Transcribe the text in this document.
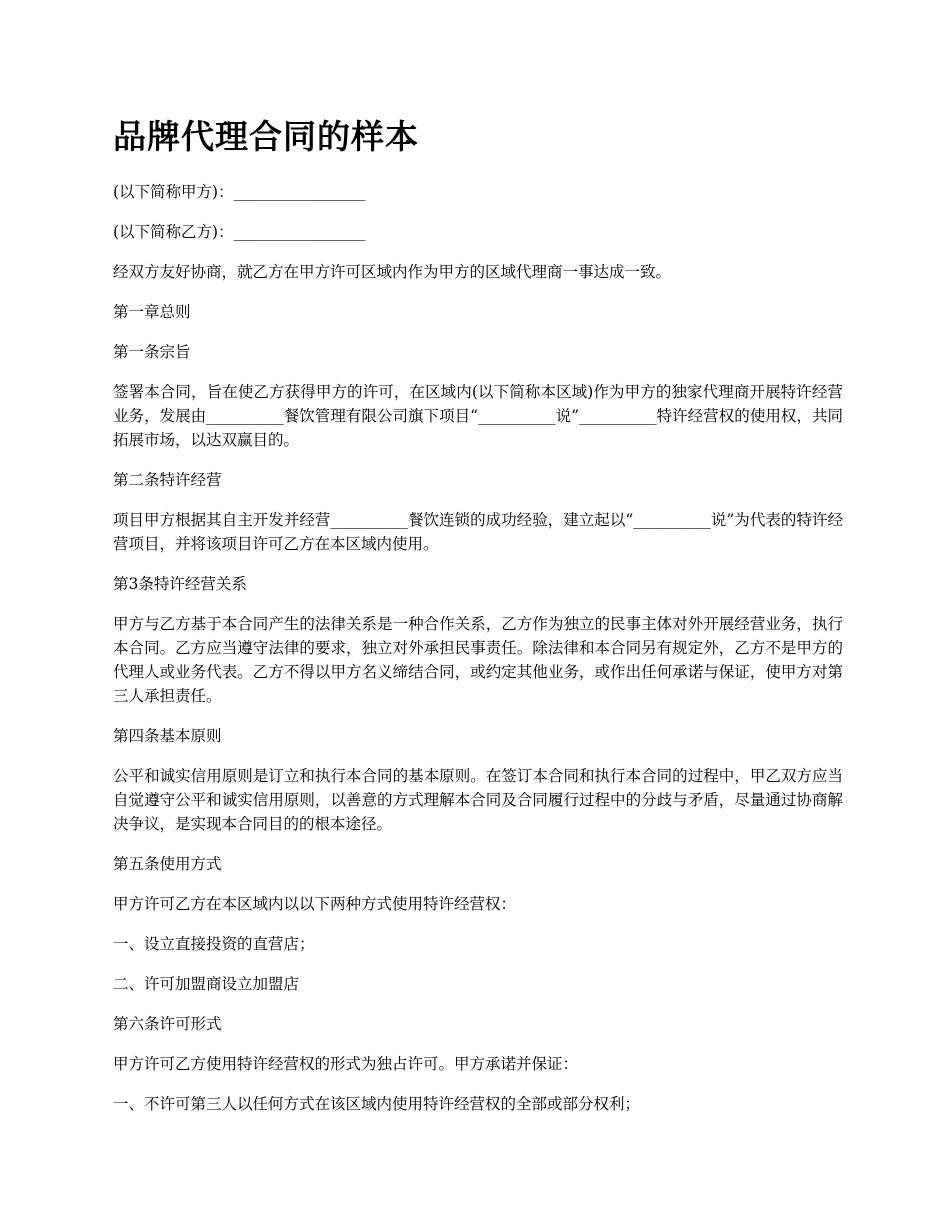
品牌代理合同的样本

(以下简称甲方)：_________________

(以下简称乙方)：_________________

经双方友好协商，就乙方在甲方许可区域内作为甲方的区域代理商一事达成一致。

第一章总则

第一条宗旨

签署本合同，旨在使乙方获得甲方的许可，在区域内(以下简称本区域)作为甲方的独家代理商开展特许经营业务，发展由__________餐饮管理有限公司旗下项目“__________说”__________特许经营权的使用权，共同拓展市场，以达双赢目的。

第二条特许经营

项目甲方根据其自主开发并经营__________餐饮连锁的成功经验，建立起以“__________说”为代表的特许经营项目，并将该项目许可乙方在本区域内使用。

第3条特许经营关系

甲方与乙方基于本合同产生的法律关系是一种合作关系，乙方作为独立的民事主体对外开展经营业务，执行本合同。乙方应当遵守法律的要求，独立对外承担民事责任。除法律和本合同另有规定外，乙方不是甲方的代理人或业务代表。乙方不得以甲方名义缔结合同，或约定其他业务，或作出任何承诺与保证，使甲方对第三人承担责任。

第四条基本原则

公平和诚实信用原则是订立和执行本合同的基本原则。在签订本合同和执行本合同的过程中，甲乙双方应当自觉遵守公平和诚实信用原则，以善意的方式理解本合同及合同履行过程中的分歧与矛盾，尽量通过协商解决争议，是实现本合同目的的根本途径。

第五条使用方式

甲方许可乙方在本区域内以以下两种方式使用特许经营权：

一、设立直接投资的直营店；

二、许可加盟商设立加盟店

第六条许可形式

甲方许可乙方使用特许经营权的形式为独占许可。甲方承诺并保证：

一、不许可第三人以任何方式在该区域内使用特许经营权的全部或部分权利；
